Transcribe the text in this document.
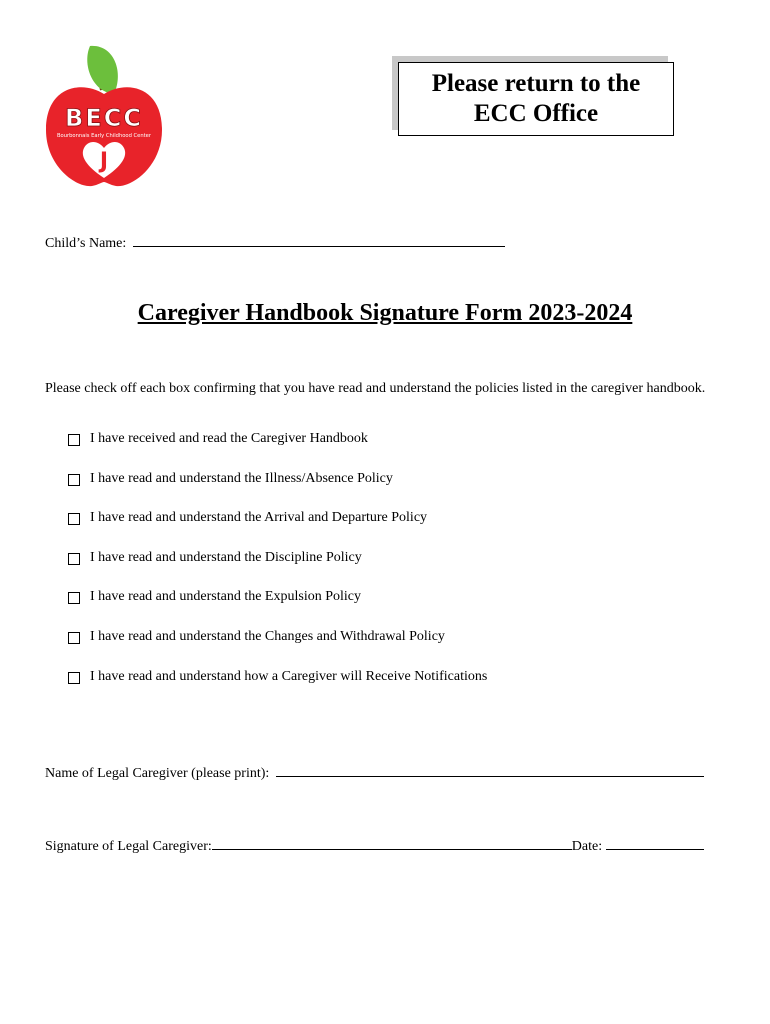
BECC
Bourbonnais Early Childhood Center
J
Please return to the
ECC Office
Child’s Name:
Caregiver Handbook Signature Form 2023-2024
Please check off each box confirming that you have read and understand the policies listed in the caregiver handbook.
I have received and read the Caregiver Handbook
I have read and understand the Illness/Absence Policy
I have read and understand the Arrival and Departure Policy
I have read and understand the Discipline Policy
I have read and understand the Expulsion Policy
I have read and understand the Changes and Withdrawal Policy
I have read and understand how a Caregiver will Receive Notifications
Name of Legal Caregiver (please print):
Signature of Legal Caregiver:	Date:
